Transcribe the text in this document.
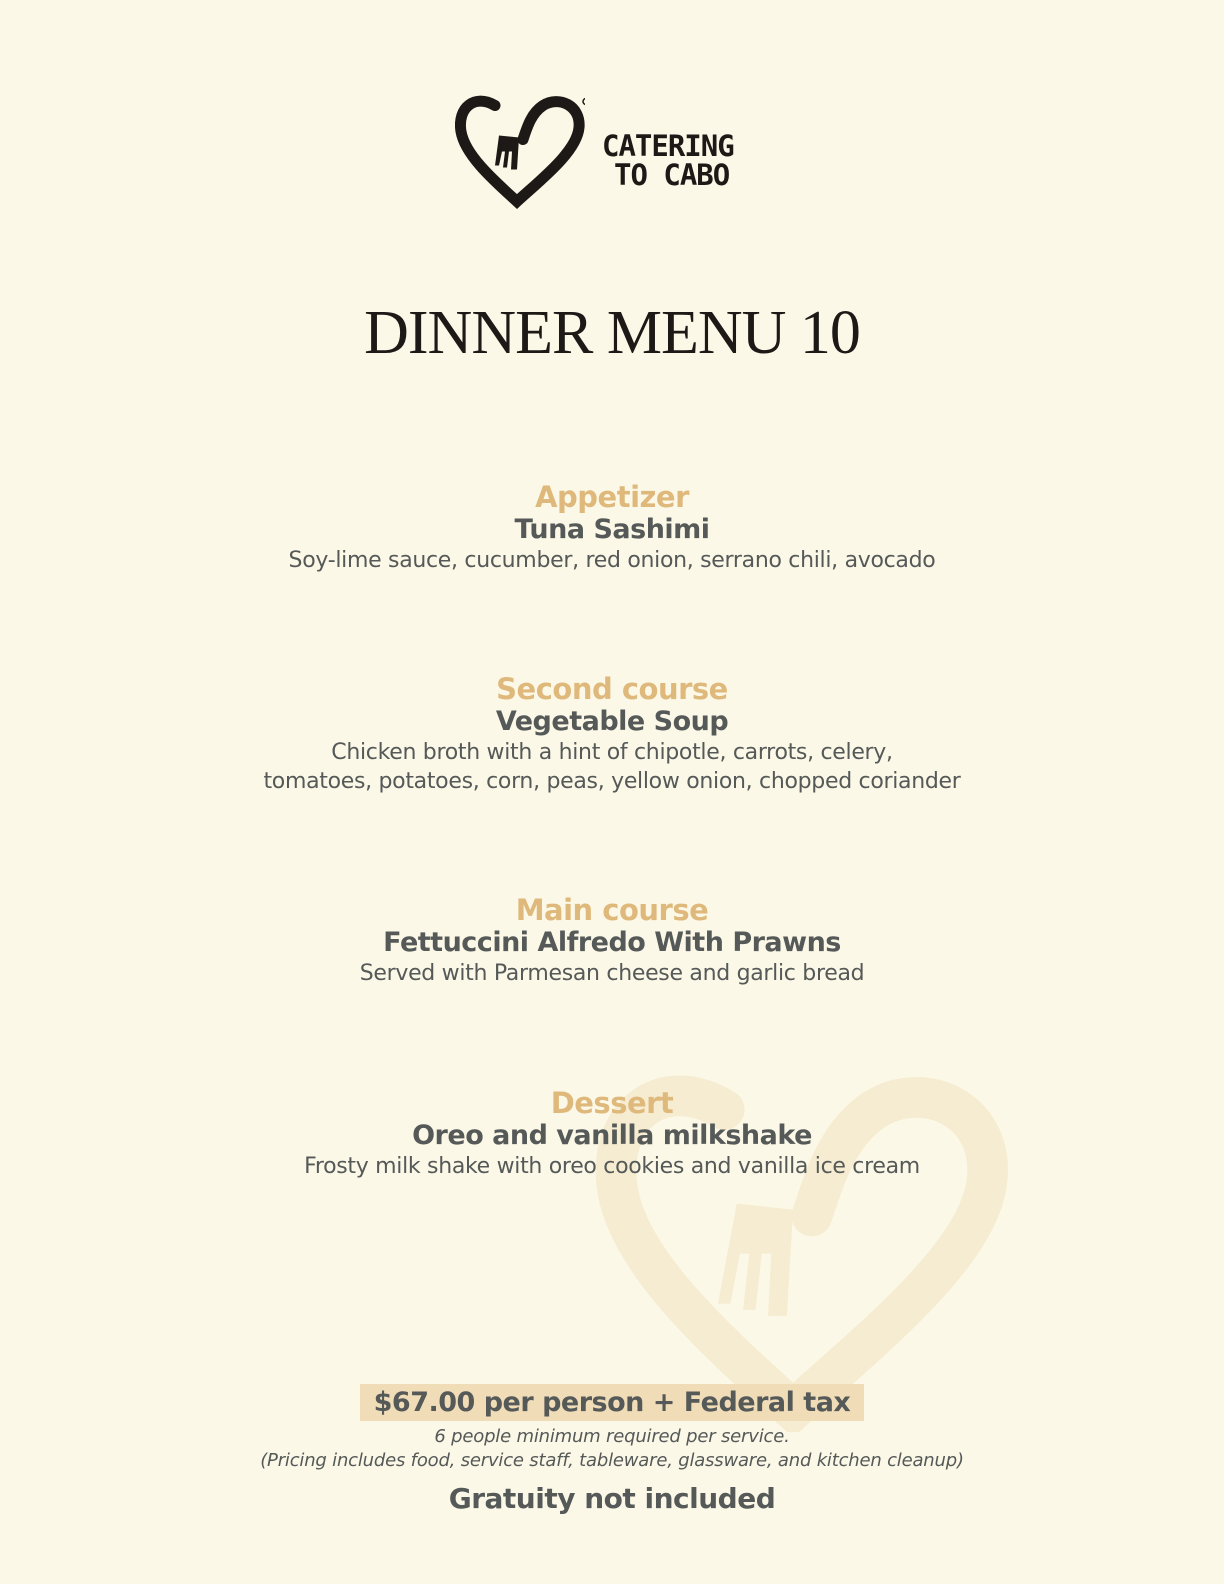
CATERING
TO CABO
DINNER MENU 10
Appetizer
Tuna Sashimi
Soy-lime sauce, cucumber, red onion, serrano chili, avocado
Second course
Vegetable Soup
Chicken broth with a hint of chipotle, carrots, celery,
tomatoes, potatoes, corn, peas, yellow onion, chopped coriander
Main course
Fettuccini Alfredo With Prawns
Served with Parmesan cheese and garlic bread
Dessert
Oreo and vanilla milkshake
Frosty milk shake with oreo cookies and vanilla ice cream
$67.00 per person + Federal tax
6 people minimum required per service.
(Pricing includes food, service staff, tableware, glassware, and kitchen cleanup)
Gratuity not included
